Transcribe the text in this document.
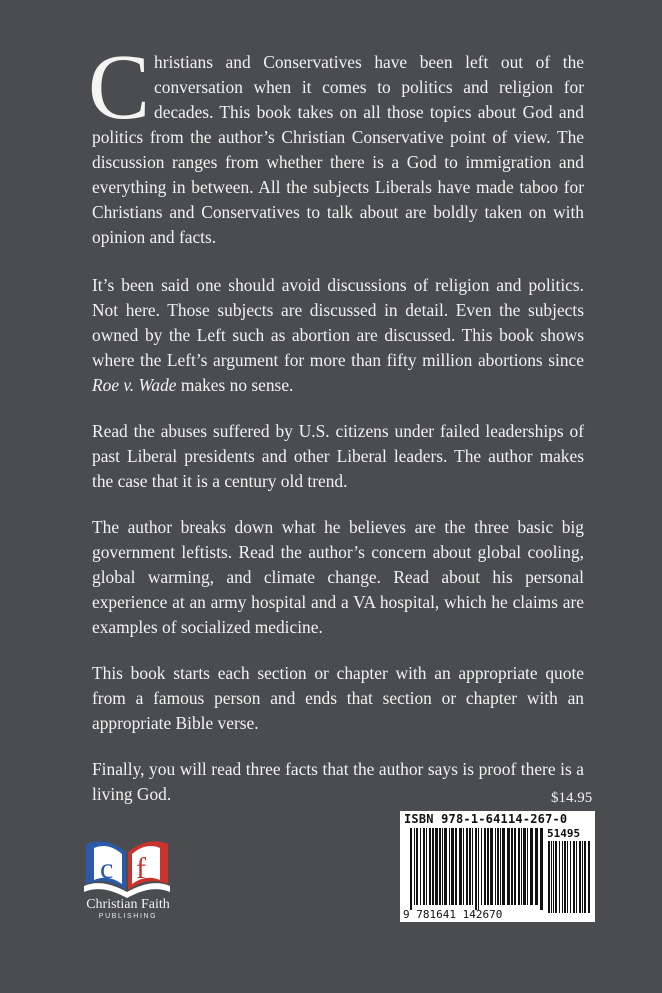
Christians and Conservatives have been left out of the conversation when it comes to politics and religion for decades. This book takes on all those topics about God and politics from the author’s Christian Conservative point of view. The discussion ranges from whether there is a God to immigration and everything in between. All the subjects Liberals have made taboo for Christians and Conservatives to talk about are boldly taken on with opinion and facts.

It’s been said one should avoid discussions of religion and politics. Not here. Those subjects are discussed in detail. Even the subjects owned by the Left such as abortion are discussed. This book shows where the Left’s argument for more than fifty million abortions since Roe v. Wade makes no sense.

Read the abuses suffered by U.S. citizens under failed leaderships of past Liberal presidents and other Liberal leaders. The author makes the case that it is a century old trend.

The author breaks down what he believes are the three basic big government leftists. Read the author’s concern about global cooling, global warming, and climate change. Read about his personal experience at an army hospital and a VA hospital, which he claims are examples of socialized medicine.

This book starts each section or chapter with an appropriate quote from a famous person and ends that section or chapter with an appropriate Bible verse.

Finally, you will read three facts that the author says is proof there is a living God.	$14.95
ISBN 978-1-64114-267-0
51495
9 781641 142670
c f
Christian Faith
PUBLISHING
